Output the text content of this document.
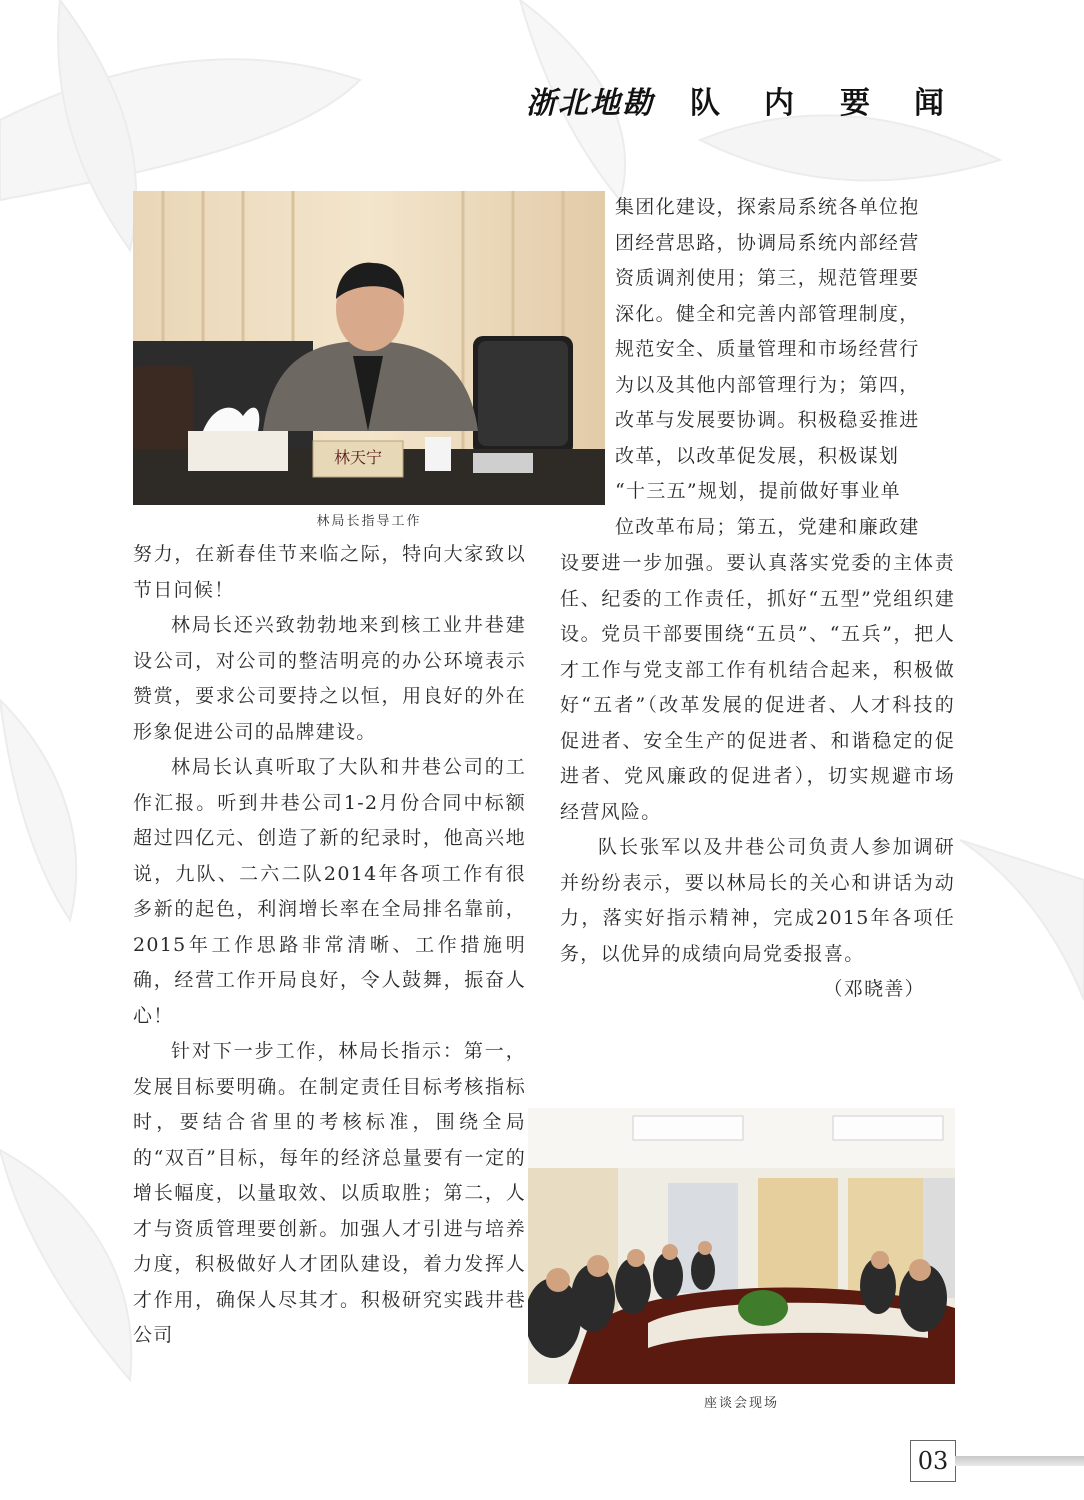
浙北地勘 队 内 要 闻
林天宁
林局长指导工作

集团化建设，探索局系统各单位抱

团经营思路，协调局系统内部经营

资质调剂使用；第三，规范管理要

深化。健全和完善内部管理制度，

规范安全、质量管理和市场经营行

为以及其他内部管理行为；第四，

改革与发展要协调。积极稳妥推进

改革，以改革促发展，积极谋划

“十三五”规划，提前做好事业单

位改革布局；第五，党建和廉政建

努力，在新春佳节来临之际，特向大家致以节日问候！

林局长还兴致勃勃地来到核工业井巷建设公司，对公司的整洁明亮的办公环境表示赞赏，要求公司要持之以恒，用良好的外在形象促进公司的品牌建设。

林局长认真听取了大队和井巷公司的工作汇报。听到井巷公司1-2月份合同中标额超过四亿元、创造了新的纪录时，他高兴地说，九队、二六二队2014年各项工作有很多新的起色，利润增长率在全局排名靠前，2015年工作思路非常清晰、工作措施明确，经营工作开局良好，令人鼓舞，振奋人心！

针对下一步工作，林局长指示：第一，发展目标要明确。在制定责任目标考核指标时，要结合省里的考核标准，围绕全局的“双百”目标，每年的经济总量要有一定的增长幅度，以量取效、以质取胜；第二，人才与资质管理要创新。加强人才引进与培养力度，积极做好人才团队建设，着力发挥人才作用，确保人尽其才。积极研究实践井巷公司

设要进一步加强。要认真落实党委的主体责任、纪委的工作责任，抓好“五型”党组织建设。党员干部要围绕“五员”、“五兵”，把人才工作与党支部工作有机结合起来，积极做好“五者”（改革发展的促进者、人才科技的促进者、安全生产的促进者、和谐稳定的促进者、党风廉政的促进者），切实规避市场经营风险。

队长张军以及井巷公司负责人参加调研并纷纷表示，要以林局长的关心和讲话为动力，落实好指示精神，完成2015年各项任务，以优异的成绩向局党委报喜。

（邓晓善）

座谈会现场
03
